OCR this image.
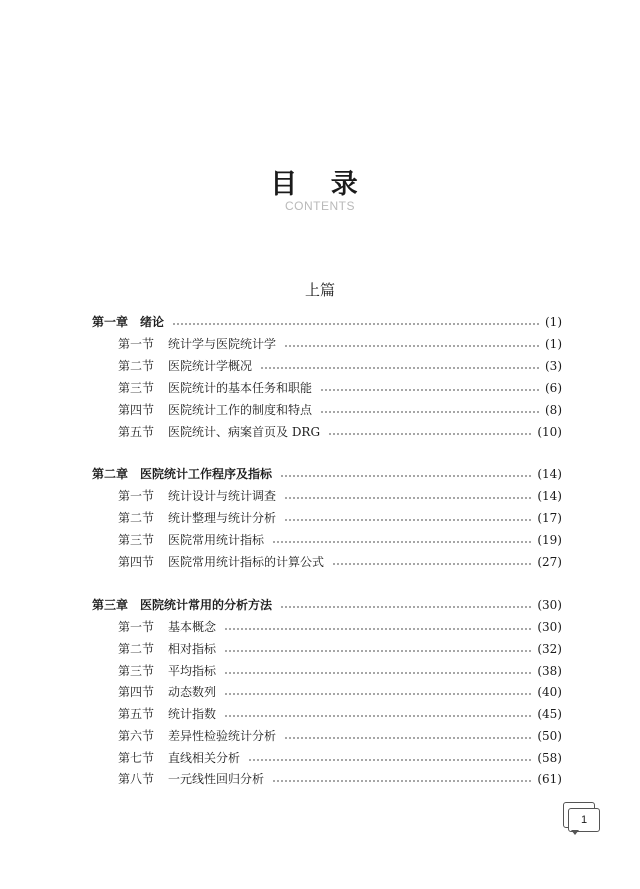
目 录
CONTENTS
上篇
第一章 绪论	(1)
第一节	统计学与医院统计学	(1)
第二节	医院统计学概况	(3)
第三节	医院统计的基本任务和职能	(6)
第四节	医院统计工作的制度和特点	(8)
第五节	医院统计、病案首页及 DRG	(10)
第二章 医院统计工作程序及指标	(14)
第一节	统计设计与统计调查	(14)
第二节	统计整理与统计分析	(17)
第三节	医院常用统计指标	(19)
第四节	医院常用统计指标的计算公式	(27)
第三章 医院统计常用的分析方法	(30)
第一节	基本概念	(30)
第二节	相对指标	(32)
第三节	平均指标	(38)
第四节	动态数列	(40)
第五节	统计指数	(45)
第六节	差异性检验统计分析	(50)
第七节	直线相关分析	(58)
第八节	一元线性回归分析	(61)
1
